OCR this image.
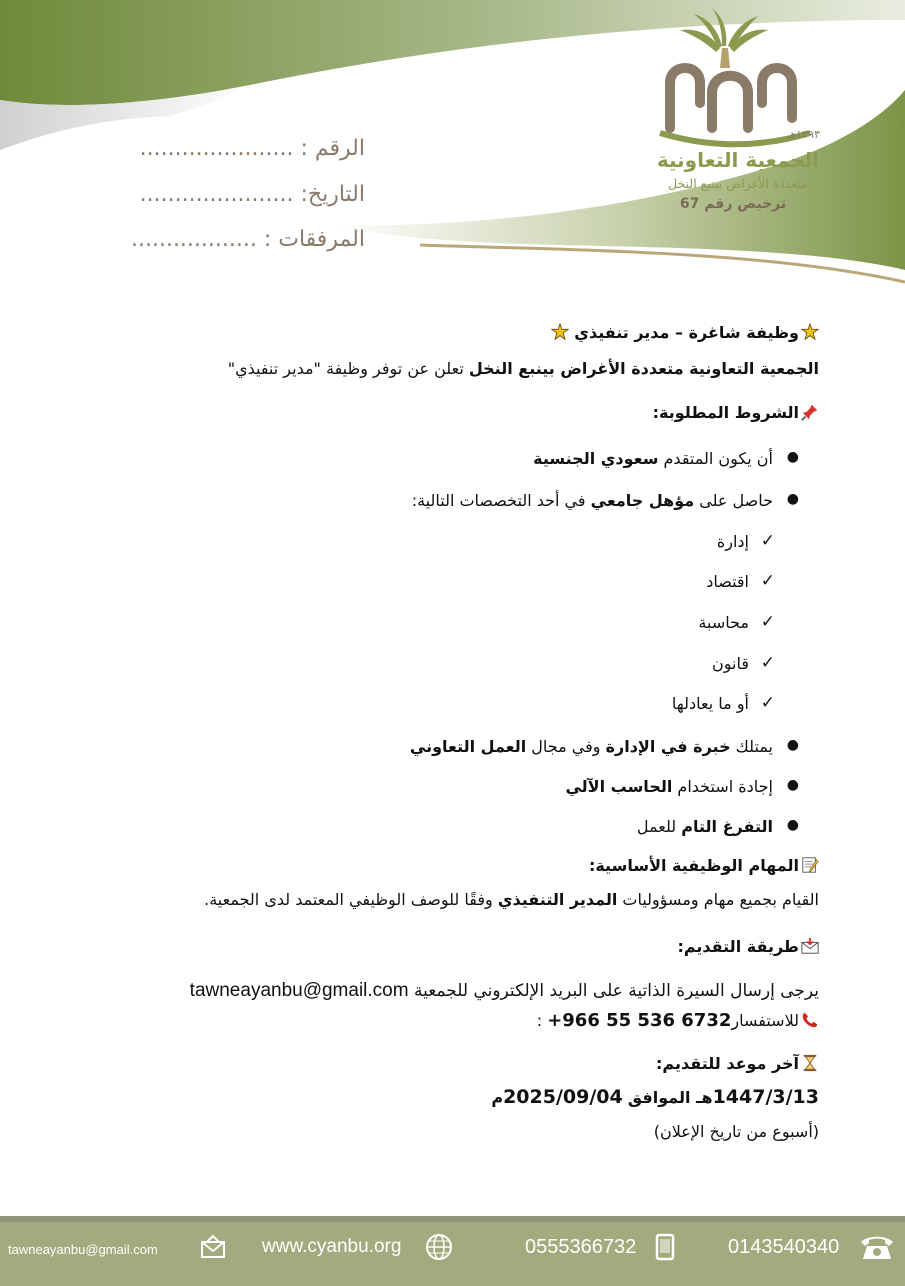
١٣٩٣هـ
الجمعية التعاونية
متعددة الأغراض بينبع النخل
ترخيص رقم 67
الرقم : ......................
التاريخ: ......................
المرفقات : ..................
وظيفة شاغرة – مدير تنفيذي
الجمعية التعاونية متعددة الأغراض بينبع النخل تعلن عن توفر وظيفة "مدير تنفيذي"
الشروط المطلوبة:
●
أن يكون المتقدم سعودي الجنسية
●
حاصل على مؤهل جامعي في أحد التخصصات التالية:
✓
إدارة
✓
اقتصاد
✓
محاسبة
✓
قانون
✓
أو ما يعادلها
●
يمتلك خبرة في الإدارة وفي مجال العمل التعاوني
●
إجادة استخدام الحاسب الآلي
●
التفرغ التام للعمل
المهام الوظيفية الأساسية:
القيام بجميع مهام ومسؤوليات المدير التنفيذي وفقًا للوصف الوظيفي المعتمد لدى الجمعية.
طريقة التقديم:
يرجى إرسال السيرة الذاتية على البريد الإلكتروني للجمعية tawneayanbu@gmail.com
للاستفسار+966 55 536 6732 :
آخر موعد للتقديم:
1447/3/13هـ الموافق 2025/09/04م
(أسبوع من تاريخ الإعلان)
tawneayanbu@gmail.com	www.cyanbu.org	0555366732	0143540340
